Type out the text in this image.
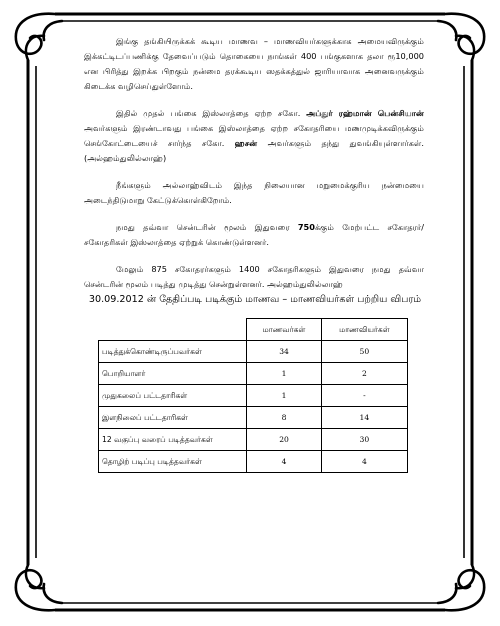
இங்கு தங்கியிருக்கக் கூடிய மாணவ – மாணவியர்களுக்காக அமையவிருக்கும் இக்கட்டிடப்பணிக்கு தேவைப்படும் தொகையை நாங்கள் 400 பங்குகளாக தலா ரூ10,000 என பிரித்து இறக்க பிறகும் நன்மை தரக்கூடிய ஸதக்கத்துல் ஜாரியாவாக அனைவருக்கும் கிடைக்க வழிசெய்துள்ளோம்.

இதில் முதல் பங்கை இஸ்லாத்தை ஏற்ற சகோ. அப்துர் ரஹ்மான் பென்சியான் அவர்களும் இரண்டாவது பங்கை இஸ்லாத்தை ஏற்ற சகோதரியை மணமுடிக்கவிருக்கும் செங்கோட்டையைச் சார்ந்த சகோ. ஹசன் அவர்களும் தந்து துவங்கியுள்ளார்கள். (அல்ஹம்துலில்லாஹ்)

நீங்களும் அல்லாஹ்விடம் இந்த நிலையான மறுமைக்குரிய நன்மையை அடைந்திடுமாறு கேட்டுக்கொள்கிறோம்.

நமது தவ்வா சென்டரின் மூலம் இதுவரை 750க்கும் மேற்பட்ட சகோதரர்/சகோதரிகள் இஸ்லாத்தை ஏற்றுக் கொண்டுள்ளனர்.

மேலும் 875 சகோதரர்களும் 1400 சகோதரிகளும் இதுவரை நமது தவ்வா சென்டரின் மூலம் படித்து முடித்து சென்றுள்ளனர். அல்ஹம்துலில்லாஹ்

30.09.2012 ன் தேதிப்படி படிக்கும் மாணவ – மாணவியர்கள் பற்றிய விபரம்
	மாணவர்கள்	மாணவியர்கள்
படித்துக்கொண்டிருப்பவர்கள்	34	50
பொறியாளர்	1	2
முதுகலைப் பட்டதாரிகள்	1	-
இளநிலைப் பட்டதாரிகள்	8	14
12 வகுப்பு வரைப் படித்தவர்கள்	20	30
தொழிற் படிப்பு படித்தவர்கள்	4	4
